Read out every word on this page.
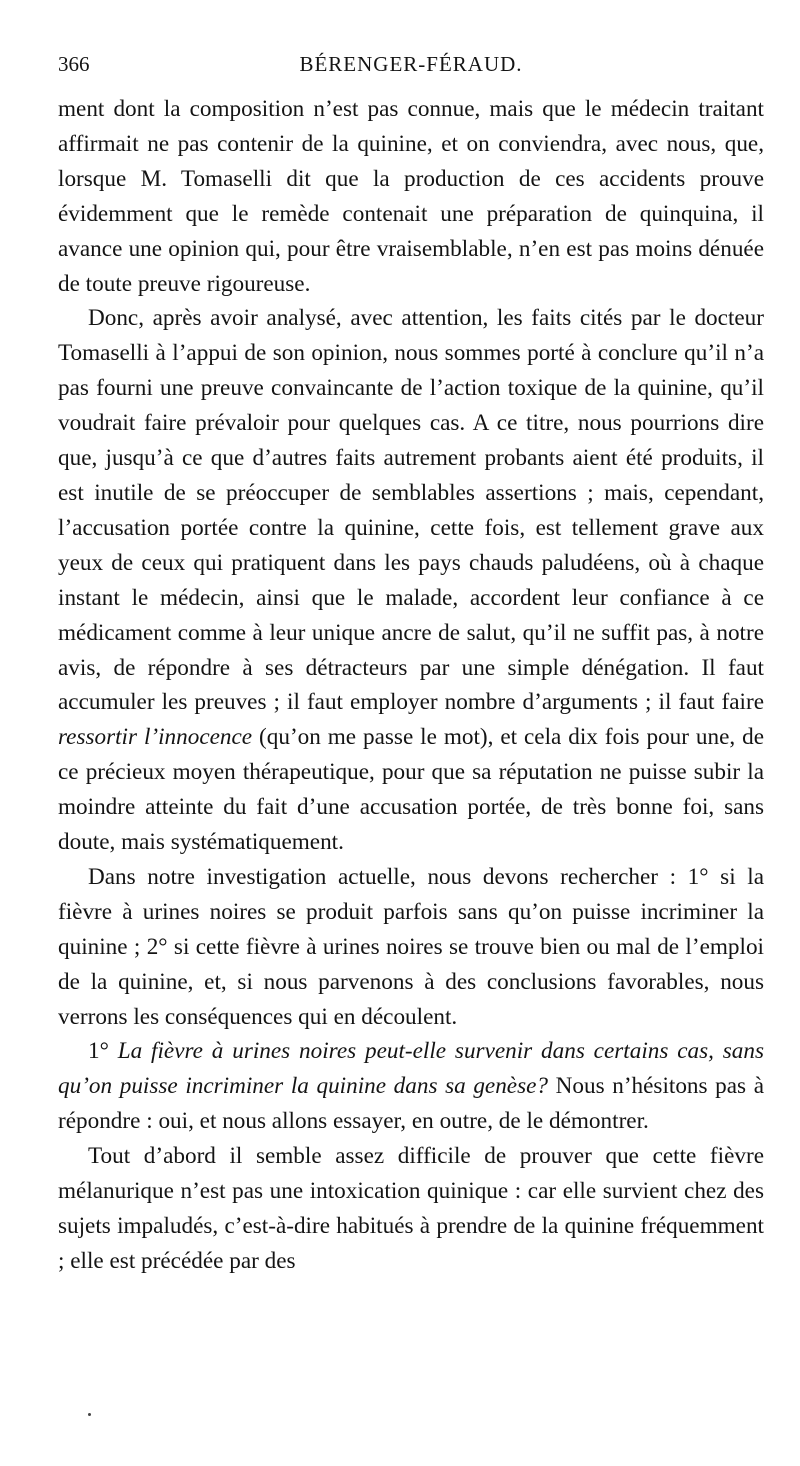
366	BÉRENGER-FÉRAUD.

ment dont la composition n’est pas connue, mais que le médecin traitant affirmait ne pas contenir de la quinine, et on conviendra, avec nous, que, lorsque M. Tomaselli dit que la production de ces accidents prouve évidemment que le remède contenait une préparation de quinquina, il avance une opinion qui, pour être vraisemblable, n’en est pas moins dénuée de toute preuve rigoureuse.

Donc, après avoir analysé, avec attention, les faits cités par le docteur Tomaselli à l’appui de son opinion, nous sommes porté à conclure qu’il n’a pas fourni une preuve convaincante de l’action toxique de la quinine, qu’il voudrait faire prévaloir pour quelques cas. A ce titre, nous pourrions dire que, jusqu’à ce que d’autres faits autrement probants aient été produits, il est inutile de se préoccuper de semblables assertions ; mais, cependant, l’accusation portée contre la quinine, cette fois, est tellement grave aux yeux de ceux qui pratiquent dans les pays chauds paludéens, où à chaque instant le médecin, ainsi que le malade, accordent leur confiance à ce médicament comme à leur unique ancre de salut, qu’il ne suffit pas, à notre avis, de répondre à ses détracteurs par une simple dénégation. Il faut accumuler les preuves ; il faut employer nombre d’arguments ; il faut faire ressortir l’innocence (qu’on me passe le mot), et cela dix fois pour une, de ce précieux moyen thérapeutique, pour que sa réputation ne puisse subir la moindre atteinte du fait d’une accusation portée, de très bonne foi, sans doute, mais systématiquement.

Dans notre investigation actuelle, nous devons rechercher : 1° si la fièvre à urines noires se produit parfois sans qu’on puisse incriminer la quinine ; 2° si cette fièvre à urines noires se trouve bien ou mal de l’emploi de la quinine, et, si nous parvenons à des conclusions favorables, nous verrons les conséquences qui en découlent.

1° La fièvre à urines noires peut-elle survenir dans certains cas, sans qu’on puisse incriminer la quinine dans sa genèse? Nous n’hésitons pas à répondre : oui, et nous allons essayer, en outre, de le démontrer.

Tout d’abord il semble assez difficile de prouver que cette fièvre mélanurique n’est pas une intoxication quinique : car elle survient chez des sujets impaludés, c’est-à-dire habitués à prendre de la quinine fréquemment ; elle est précédée par des
